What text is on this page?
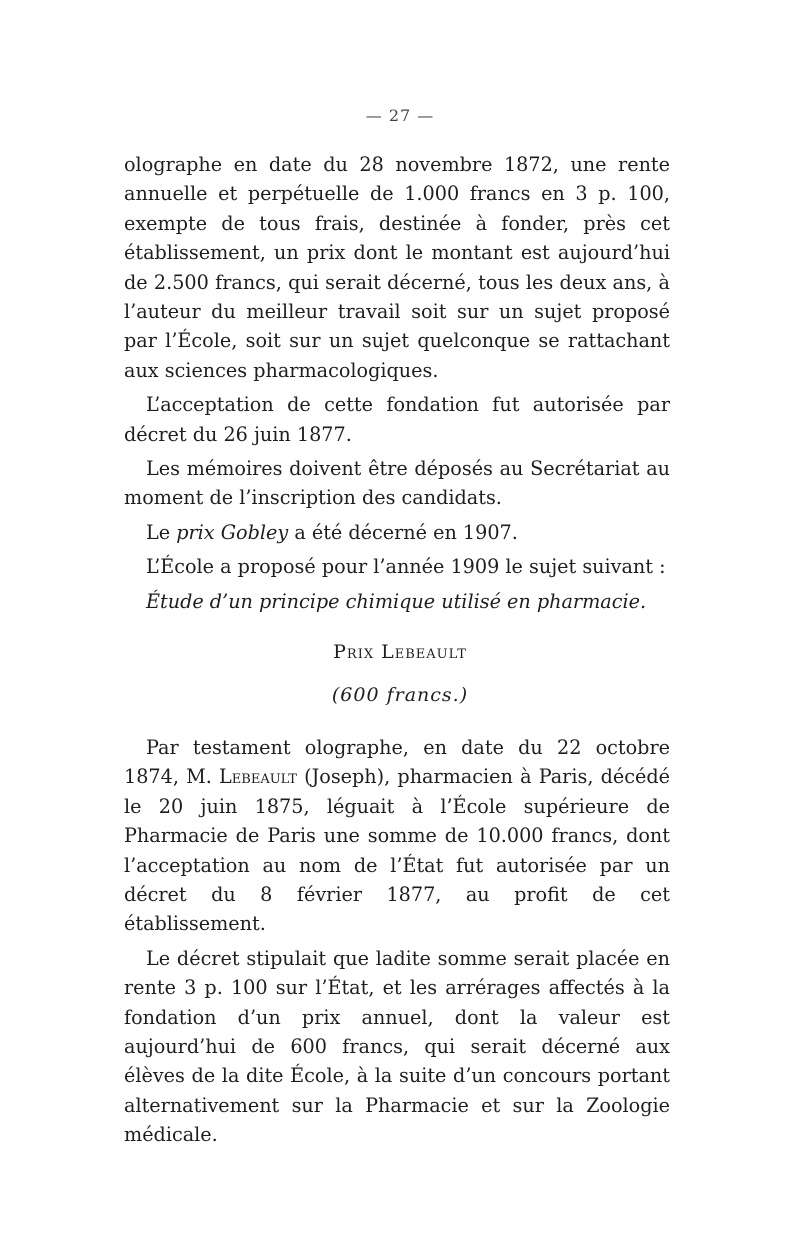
— 27 —

olographe en date du 28 novembre 1872, une rente annuelle et perpétuelle de 1.000 francs en 3 p. 100, exempte de tous frais, destinée à fonder, près cet établissement, un prix dont le montant est aujourd’hui de 2.500 francs, qui serait décerné, tous les deux ans, à l’auteur du meilleur travail soit sur un sujet proposé par l’École, soit sur un sujet quelconque se rattachant aux sciences pharmacologiques.

L’acceptation de cette fondation fut autorisée par décret du 26 juin 1877.

Les mémoires doivent être déposés au Secrétariat au moment de l’inscription des candidats.

Le prix Gobley a été décerné en 1907.

L’École a proposé pour l’année 1909 le sujet suivant :

Étude d’un principe chimique utilisé en pharmacie.

Prix Lebeault
(600 francs.)

Par testament olographe, en date du 22 octobre 1874, M. Lebeault (Joseph), pharmacien à Paris, décédé le 20 juin 1875, léguait à l’École supérieure de Pharmacie de Paris une somme de 10.000 francs, dont l’acceptation au nom de l’État fut autorisée par un décret du 8 février 1877, au profit de cet établissement.

Le décret stipulait que ladite somme serait placée en rente 3 p. 100 sur l’État, et les arrérages affectés à la fondation d’un prix annuel, dont la valeur est aujourd’hui de 600 francs, qui serait décerné aux élèves de la dite École, à la suite d’un concours portant alternativement sur la Pharmacie et sur la Zoologie médicale.
